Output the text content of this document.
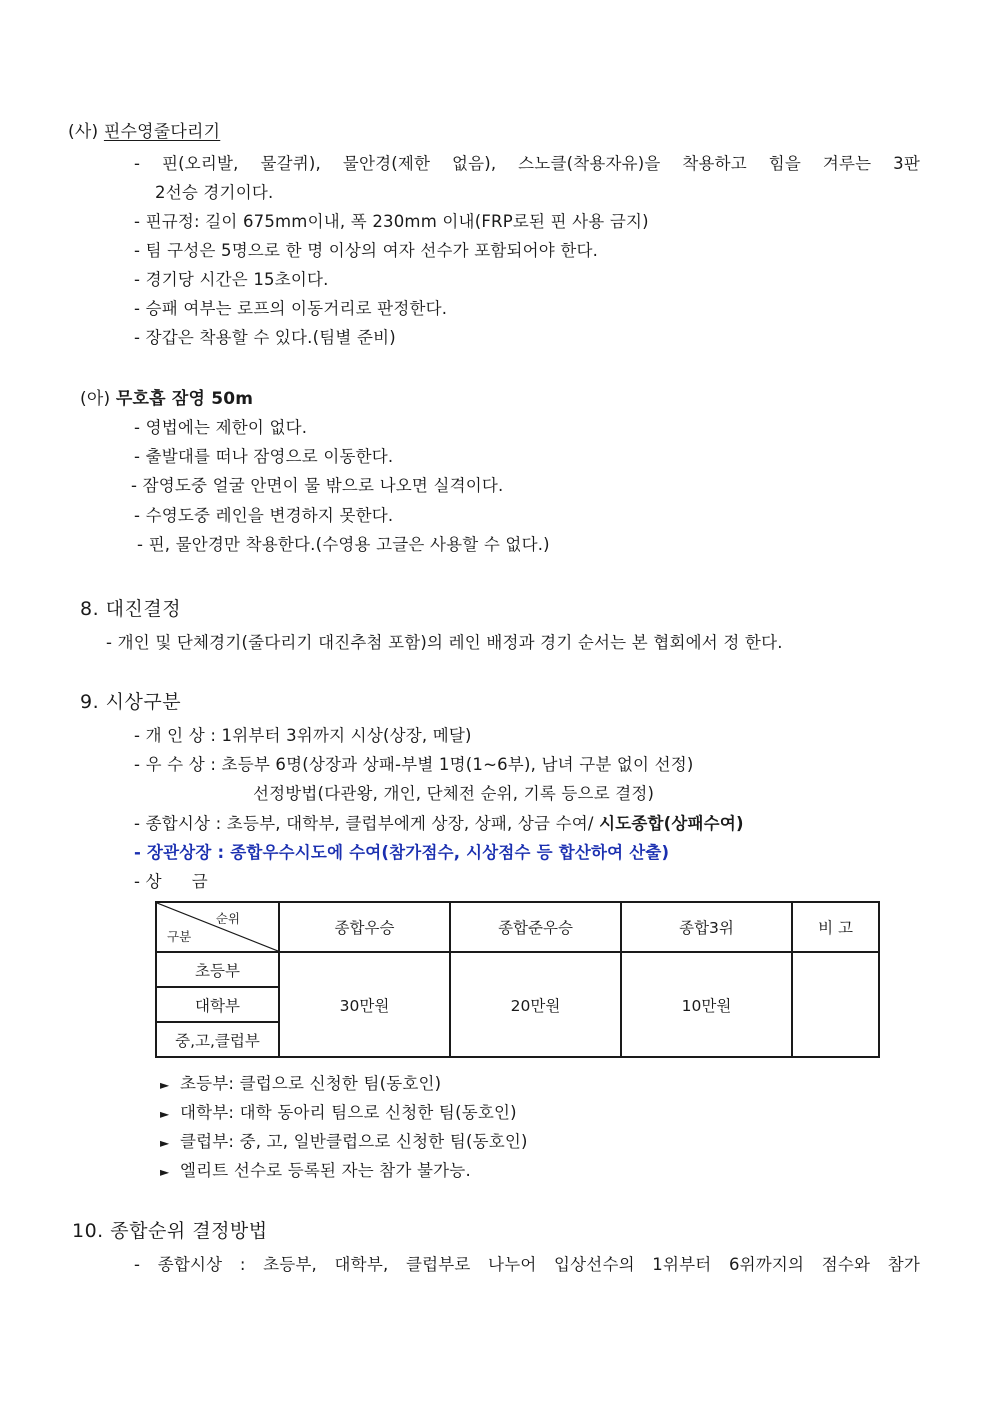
(사) 핀수영줄다리기
- 핀(오리발, 물갈퀴), 물안경(제한 없음), 스노클(착용자유)을 착용하고 힘을 겨루는 3판
2선승 경기이다.
- 핀규정: 길이 675mm이내, 폭 230mm 이내(FRP로된 핀 사용 금지)
- 팀 구성은 5명으로 한 명 이상의 여자 선수가 포함되어야 한다.
- 경기당 시간은 15초이다.
- 승패 여부는 로프의 이동거리로 판정한다.
- 장갑은 착용할 수 있다.(팀별 준비)
(아) 무호흡 잠영 50m
- 영법에는 제한이 없다.
- 출발대를 떠나 잠영으로 이동한다.
- 잠영도중 얼굴 안면이 물 밖으로 나오면 실격이다.
- 수영도중 레인을 변경하지 못한다.
- 핀, 물안경만 착용한다.(수영용 고글은 사용할 수 없다.)
8. 대진결정
- 개인 및 단체경기(줄다리기 대진추첨 포함)의 레인 배정과 경기 순서는 본 협회에서 정 한다.
9. 시상구분
- 개 인 상 : 1위부터 3위까지 시상(상장, 메달)
- 우 수 상 : 초등부 6명(상장과 상패-부별 1명(1~6부), 남녀 구분 없이 선정)
선정방법(다관왕, 개인, 단체전 순위, 기록 등으로 결정)
- 종합시상 : 초등부, 대학부, 클럽부에게 상장, 상패, 상금 수여/ 시도종합(상패수여)
- 장관상장 : 종합우수시도에 수여(참가점수, 시상점수 등 합산하여 산출)
- 상 금
순위
구분	종합우승	종합준우승	종합3위	비 고
초등부	30만원	20만원	10만원	
대학부				
중,고,클럽부				
► 초등부: 클럽으로 신청한 팀(동호인)
► 대학부: 대학 동아리 팀으로 신청한 팀(동호인)
► 클럽부: 중, 고, 일반클럽으로 신청한 팀(동호인)
► 엘리트 선수로 등록된 자는 참가 불가능.
10. 종합순위 결정방법
- 종합시상 : 초등부, 대학부, 클럽부로 나누어 입상선수의 1위부터 6위까지의 점수와 참가
